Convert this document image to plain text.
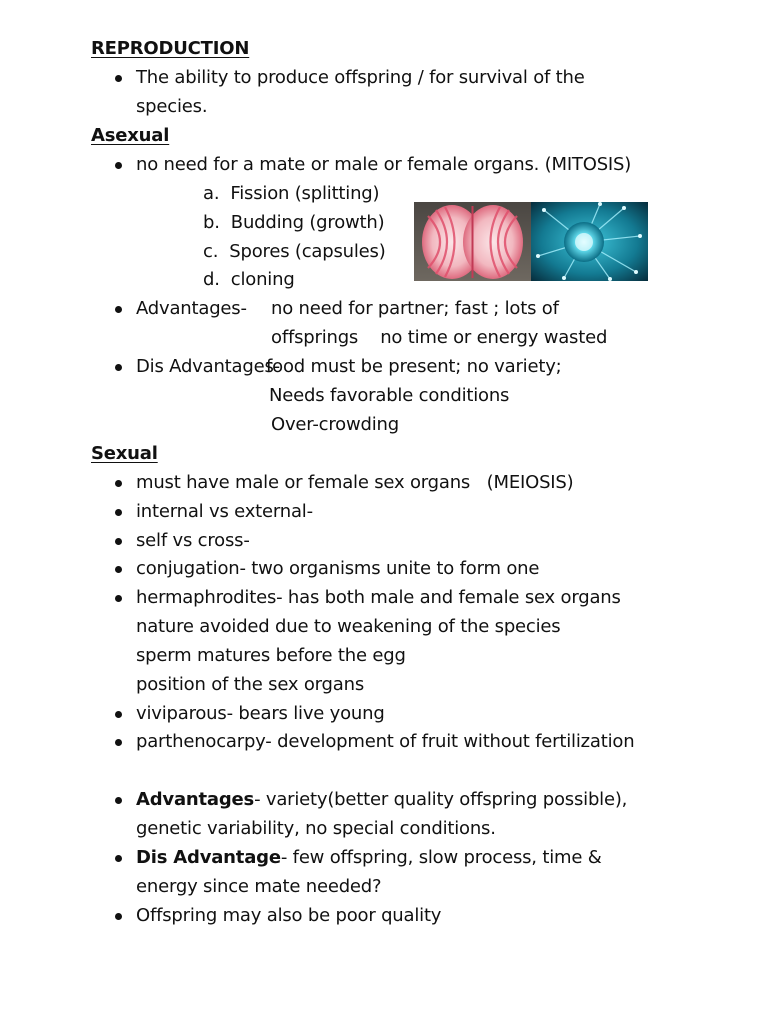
REPRODUCTION
The ability to produce offspring / for survival of the
species.
Asexual
no need for a mate or male or female organs. (MITOSIS)
a.  Fission (splitting)
b.  Budding (growth)
c.  Spores (capsules)
d.  cloning
Advantages- no need for partner; fast ; lots of
offsprings    no time or energy wasted
Dis Advantages-
food must be present; no variety;
Needs favorable conditions
Over-crowding
Sexual
must have male or female sex organs   (MEIOSIS)
internal vs external-
self vs cross-
conjugation- two organisms unite to form one
hermaphrodites- has both male and female sex organs
nature avoided due to weakening of the species
sperm matures before the egg
position of the sex organs
viviparous- bears live young
parthenocarpy- development of fruit without fertilization
Advantages- variety(better quality offspring possible),
genetic variability, no special conditions.
Dis Advantage- few offspring, slow process, time &
energy since mate needed?
Offspring may also be poor quality
